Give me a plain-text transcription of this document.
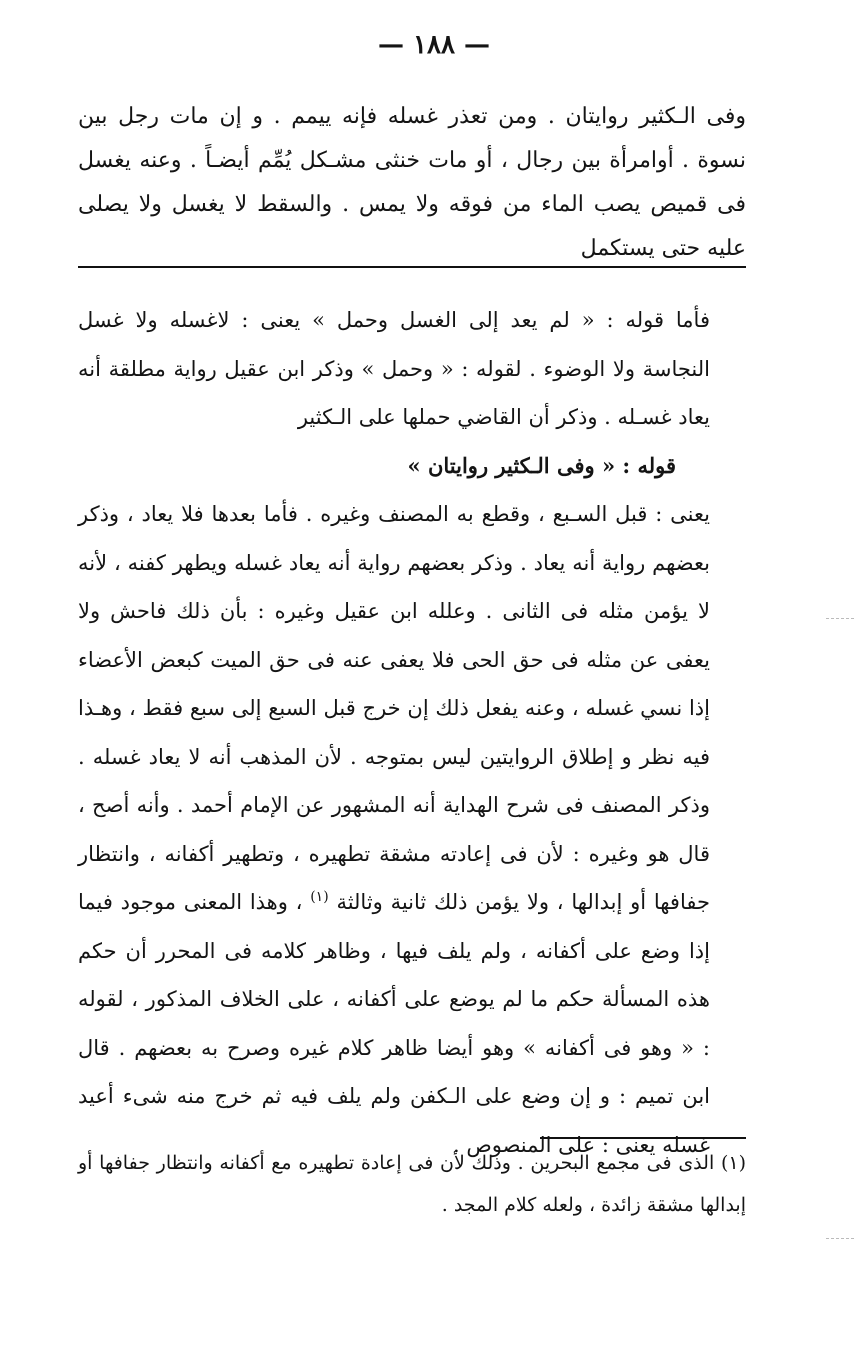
— ١٨٨ —
وفى الـكثير روايتان . ومن تعذر غسله فإنه ييمم . و إن مات رجل بين نسوة . أوامرأة بين رجال ، أو مات خنثى مشـكل يُمِّم أيضـاً . وعنه يغسل فى قميص يصب الماء من فوقه ولا يمس . والسقط لا يغسل ولا يصلى عليه حتى يستكمل

فأما قوله : « لم يعد إلى الغسل وحمل » يعنى : لاغسله ولا غسل النجاسة ولا الوضوء . لقوله : « وحمل » وذكر ابن عقيل رواية مطلقة أنه يعاد غسـله . وذكر أن القاضي حملها على الـكثير

قوله : « وفى الـكثير روايتان »

يعنى : قبل السـبع ، وقطع به المصنف وغيره . فأما بعدها فلا يعاد ، وذكر بعضهم رواية أنه يعاد . وذكر بعضهم رواية أنه يعاد غسله ويطهر كفنه ، لأنه لا يؤمن مثله فى الثانى . وعلله ابن عقيل وغيره : بأن ذلك فاحش ولا يعفى عن مثله فى حق الحى فلا يعفى عنه فى حق الميت كبعض الأعضاء إذا نسي غسله ، وعنه يفعل ذلك إن خرج قبل السبع إلى سبع فقط ، وهـذا فيه نظر و إطلاق الروايتين ليس بمتوجه . لأن المذهب أنه لا يعاد غسله . وذكر المصنف فى شرح الهداية أنه المشهور عن الإمام أحمد . وأنه أصح ، قال هو وغيره : لأن فى إعادته مشقة تطهيره ، وتطهير أكفانه ، وانتظار جفافها أو إبدالها ، ولا يؤمن ذلك ثانية وثالثة $^{(١)}$ ، وهذا المعنى موجود فيما إذا وضع على أكفانه ، ولم يلف فيها ، وظاهر كلامه فى المحرر أن حكم هذه المسألة حكم ما لم يوضع على أكفانه ، على الخلاف المذكور ، لقوله : « وهو فى أكفانه » وهو أيضا ظاهر كلام غيره وصرح به بعضهم . قال ابن تميم : و إن وضع على الـكفن ولم يلف فيه ثم خرج منه شىء أعيد غسله يعنى : على المنصوص .

(١) الذى فى مجمع البحرين . وذلك لأن فى إعادة تطهيره مع أكفانه وانتظار جفافها أو إبدالها مشقة زائدة ، ولعله كلام المجد .
